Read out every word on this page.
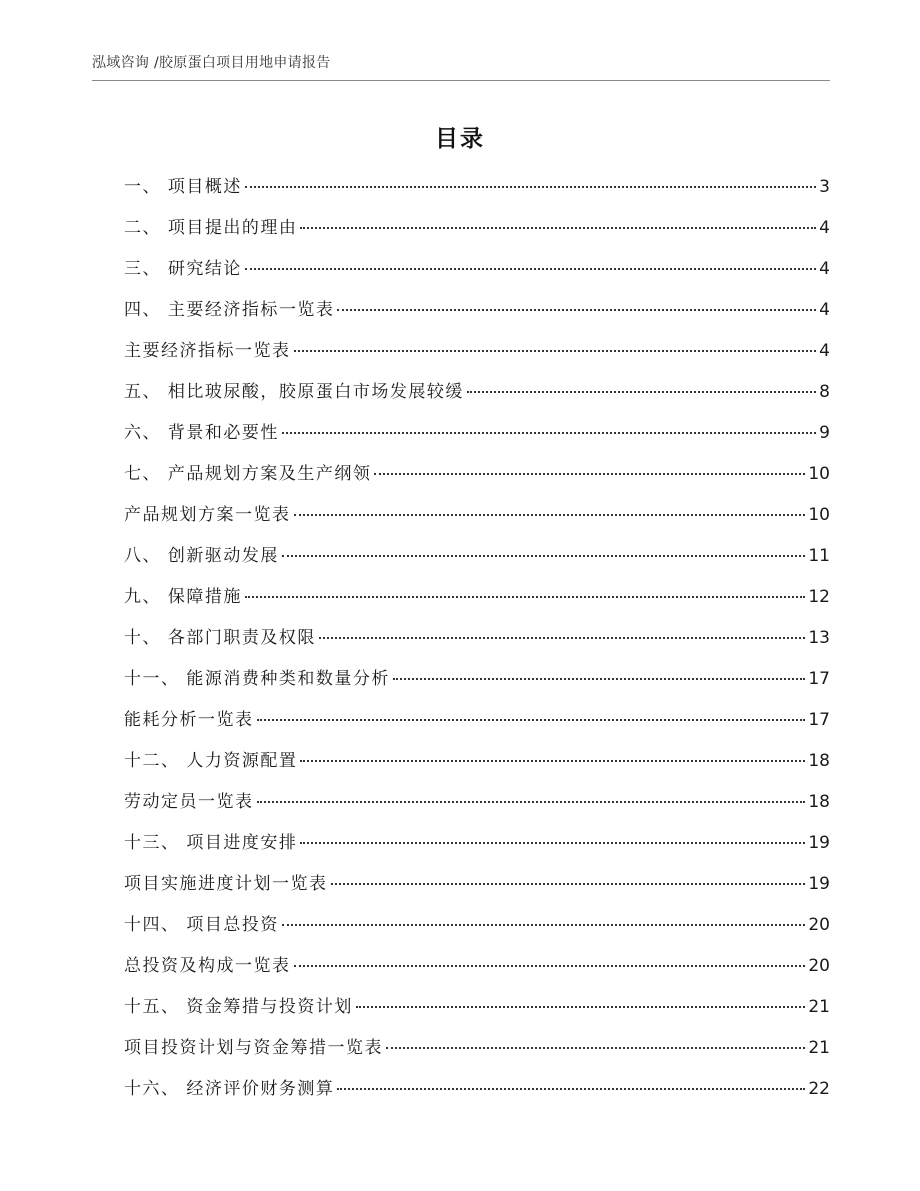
泓域咨询 /胶原蛋白项目用地申请报告
目录
一、 项目概述	3
二、 项目提出的理由	4
三、 研究结论	4
四、 主要经济指标一览表	4
主要经济指标一览表	4
五、 相比玻尿酸，胶原蛋白市场发展较缓	8
六、 背景和必要性	9
七、 产品规划方案及生产纲领	10
产品规划方案一览表	10
八、 创新驱动发展	11
九、 保障措施	12
十、 各部门职责及权限	13
十一、 能源消费种类和数量分析	17
能耗分析一览表	17
十二、 人力资源配置	18
劳动定员一览表	18
十三、 项目进度安排	19
项目实施进度计划一览表	19
十四、 项目总投资	20
总投资及构成一览表	20
十五、 资金筹措与投资计划	21
项目投资计划与资金筹措一览表	21
十六、 经济评价财务测算	22
